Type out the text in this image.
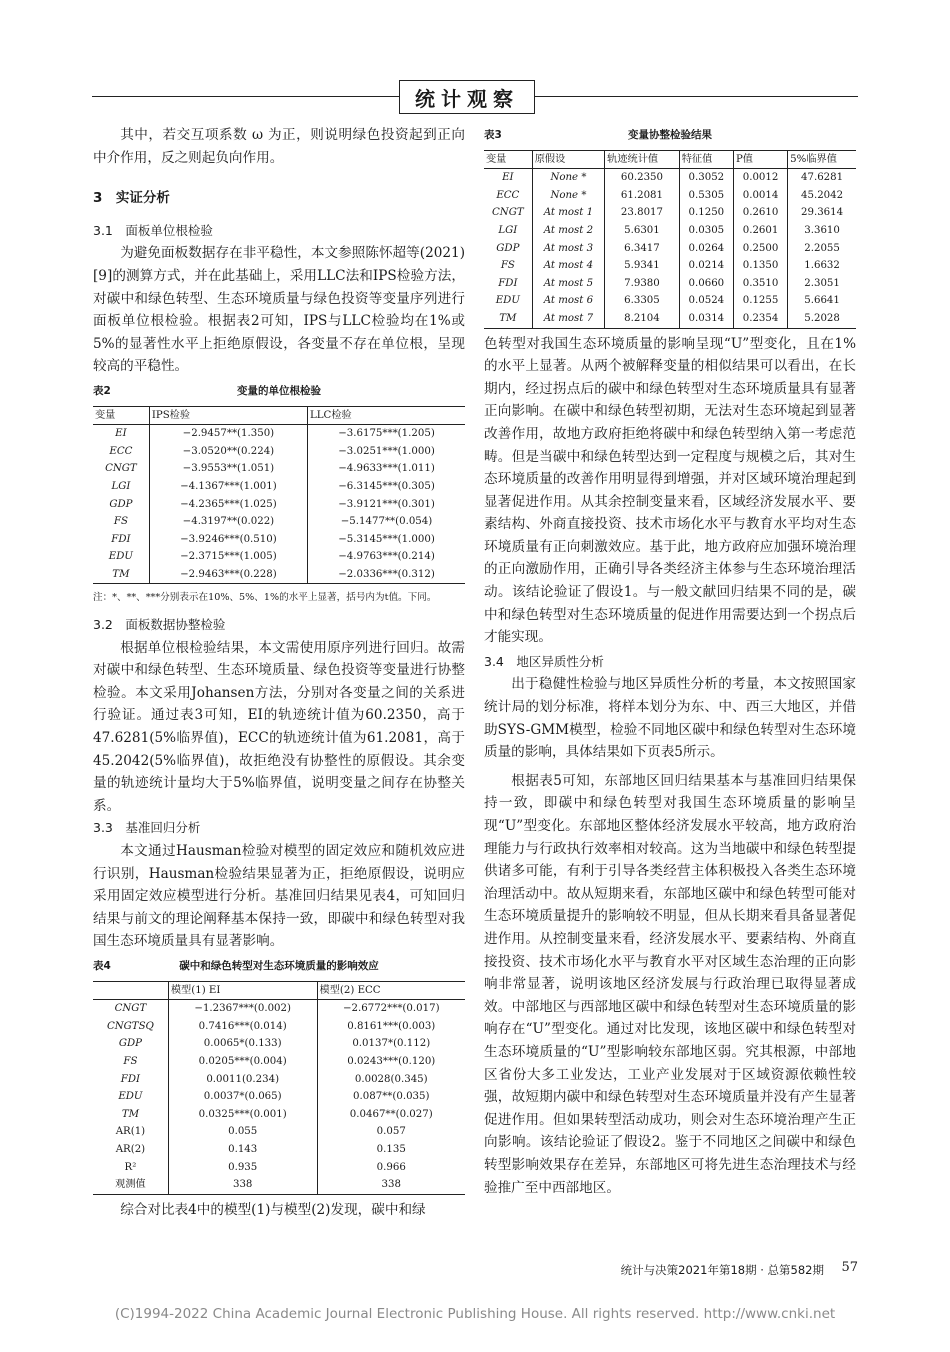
统计观察

其中，若交互项系数 ω 为正，则说明绿色投资起到正向中介作用，反之则起负向作用。

3　实证分析
3.1　面板单位根检验

为避免面板数据存在非平稳性，本文参照陈怀超等(2021)[9]的测算方式，并在此基础上，采用LLC法和IPS检验方法，对碳中和绿色转型、生态环境质量与绿色投资等变量序列进行面板单位根检验。根据表2可知，IPS与LLC检验均在1%或5%的显著性水平上拒绝原假设，各变量不存在单位根，呈现较高的平稳性。

表2	变量的单位根检验
变量	IPS检验	LLC检验
EI	−2.9457**(1.350)	−3.6175***(1.205)
ECC	−3.0520**(0.224)	−3.0251***(1.000)
CNGT	−3.9553**(1.051)	−4.9633***(1.011)
LGI	−4.1367***(1.001)	−6.3145***(0.305)
GDP	−4.2365***(1.025)	−3.9121***(0.301)
FS	−4.3197**(0.022)	−5.1477**(0.054)
FDI	−3.9246***(0.510)	−5.3145***(1.000)
EDU	−2.3715***(1.005)	−4.9763***(0.214)
TM	−2.9463***(0.228)	−2.0336***(0.312)
注：*、**、***分别表示在10%、5%、1%的水平上显著，括号内为t值。下同。
3.2　面板数据协整检验

根据单位根检验结果，本文需使用原序列进行回归。故需对碳中和绿色转型、生态环境质量、绿色投资等变量进行协整检验。本文采用Johansen方法，分别对各变量之间的关系进行验证。通过表3可知，EI的轨迹统计值为60.2350，高于47.6281(5%临界值)，ECC的轨迹统计值为61.2081，高于45.2042(5%临界值)，故拒绝没有协整性的原假设。其余变量的轨迹统计量均大于5%临界值，说明变量之间存在协整关系。

3.3　基准回归分析

本文通过Hausman检验对模型的固定效应和随机效应进行识别，Hausman检验结果显著为正，拒绝原假设，说明应采用固定效应模型进行分析。基准回归结果见表4，可知回归结果与前文的理论阐释基本保持一致，即碳中和绿色转型对我国生态环境质量具有显著影响。

表4	碳中和绿色转型对生态环境质量的影响效应
	模型(1) EI	模型(2) ECC
CNGT	−1.2367***(0.002)	−2.6772***(0.017)
CNGTSQ	0.7416***(0.014)	0.8161***(0.003)
GDP	0.0065*(0.133)	0.0137*(0.112)
FS	0.0205***(0.004)	0.0243***(0.120)
FDI	0.0011(0.234)	0.0028(0.345)
EDU	0.0037*(0.065)	0.087**(0.035)
TM	0.0325***(0.001)	0.0467**(0.027)
AR(1)	0.055	0.057
AR(2)	0.143	0.135
R²	0.935	0.966
观测值	338	338

综合对比表4中的模型(1)与模型(2)发现，碳中和绿

表3	变量协整检验结果
变量	原假设	轨迹统计值	特征值	P值	5%临界值
EI	None *	60.2350	0.3052	0.0012	47.6281
ECC	None *	61.2081	0.5305	0.0014	45.2042
CNGT	At most 1	23.8017	0.1250	0.2610	29.3614
LGI	At most 2	5.6301	0.0305	0.2601	3.3610
GDP	At most 3	6.3417	0.0264	0.2500	2.2055
FS	At most 4	5.9341	0.0214	0.1350	1.6632
FDI	At most 5	7.9380	0.0660	0.3510	2.3051
EDU	At most 6	6.3305	0.0524	0.1255	5.6641
TM	At most 7	8.2104	0.0314	0.2354	5.2028

色转型对我国生态环境质量的影响呈现“U”型变化，且在1%的水平上显著。从两个被解释变量的相似结果可以看出，在长期内，经过拐点后的碳中和绿色转型对生态环境质量具有显著正向影响。在碳中和绿色转型初期，无法对生态环境起到显著改善作用，故地方政府拒绝将碳中和绿色转型纳入第一考虑范畴。但是当碳中和绿色转型达到一定程度与规模之后，其对生态环境质量的改善作用明显得到增强，并对区域环境治理起到显著促进作用。从其余控制变量来看，区域经济发展水平、要素结构、外商直接投资、技术市场化水平与教育水平均对生态环境质量有正向刺激效应。基于此，地方政府应加强环境治理的正向激励作用，正确引导各类经济主体参与生态环境治理活动。该结论验证了假设1。与一般文献回归结果不同的是，碳中和绿色转型对生态环境质量的促进作用需要达到一个拐点后才能实现。

3.4　地区异质性分析

出于稳健性检验与地区异质性分析的考量，本文按照国家统计局的划分标准，将样本划分为东、中、西三大地区，并借助SYS-GMM模型，检验不同地区碳中和绿色转型对生态环境质量的影响，具体结果如下页表5所示。

根据表5可知，东部地区回归结果基本与基准回归结果保持一致，即碳中和绿色转型对我国生态环境质量的影响呈现“U”型变化。东部地区整体经济发展水平较高，地方政府治理能力与行政执行效率相对较高。这为当地碳中和绿色转型提供诸多可能，有利于引导各类经营主体积极投入各类生态环境治理活动中。故从短期来看，东部地区碳中和绿色转型可能对生态环境质量提升的影响较不明显，但从长期来看具备显著促进作用。从控制变量来看，经济发展水平、要素结构、外商直接投资、技术市场化水平与教育水平对区域生态治理的正向影响非常显著，说明该地区经济发展与行政治理已取得显著成效。中部地区与西部地区碳中和绿色转型对生态环境质量的影响存在“U”型变化。通过对比发现，该地区碳中和绿色转型对生态环境质量的“U”型影响较东部地区弱。究其根源，中部地区省份大多工业发达，工业产业发展对于区域资源依赖性较强，故短期内碳中和绿色转型对生态环境质量并没有产生显著促进作用。但如果转型活动成功，则会对生态环境治理产生正向影响。该结论验证了假设2。鉴于不同地区之间碳中和绿色转型影响效果存在差异，东部地区可将先进生态治理技术与经验推广至中西部地区。

统计与决策2021年第18期 · 总第582期 57
(C)1994-2022 China Academic Journal Electronic Publishing House. All rights reserved. http://www.cnki.net
